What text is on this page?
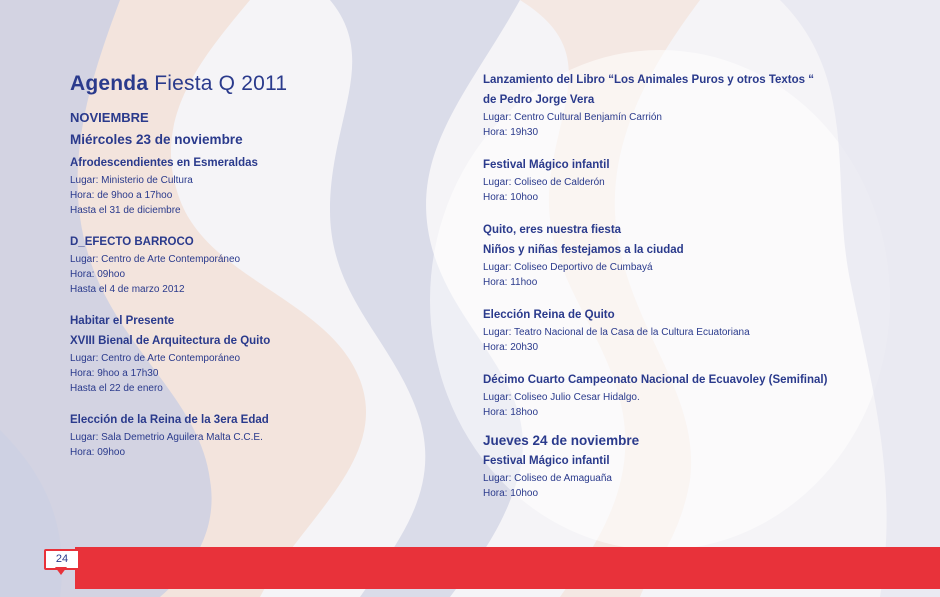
Agenda Fiesta Q 2011
NOVIEMBRE
Miércoles 23 de noviembre
Afrodescendientes en Esmeraldas
Lugar: Ministerio de Cultura
Hora: de 9hoo a 17hoo
Hasta el 31 de diciembre
D_EFECTO BARROCO
Lugar: Centro de Arte Contemporáneo
Hora: 09hoo
Hasta el 4 de marzo 2012
Habitar el Presente
XVIII Bienal de Arquitectura de Quito
Lugar: Centro de Arte Contemporáneo
Hora: 9hoo a 17h30
Hasta el 22 de enero
Elección de la Reina de la 3era Edad
Lugar: Sala Demetrio Aguilera Malta C.C.E.
Hora: 09hoo
Lanzamiento del Libro “Los Animales Puros y otros Textos “
de Pedro Jorge Vera
Lugar: Centro Cultural Benjamín Carrión
Hora: 19h30
Festival Mágico infantil
Lugar: Coliseo de Calderón
Hora: 10hoo
Quito, eres nuestra fiesta
Niños y niñas festejamos a la ciudad
Lugar: Coliseo Deportivo de Cumbayá
Hora: 11hoo
Elección Reina de Quito
Lugar: Teatro Nacional de la Casa de la Cultura Ecuatoriana
Hora: 20h30
Décimo Cuarto Campeonato Nacional de Ecuavoley (Semifinal)
Lugar: Coliseo Julio Cesar Hidalgo.
Hora: 18hoo
Jueves 24 de noviembre
Festival Mágico infantil
Lugar: Coliseo de Amaguaña
Hora: 10hoo
24
